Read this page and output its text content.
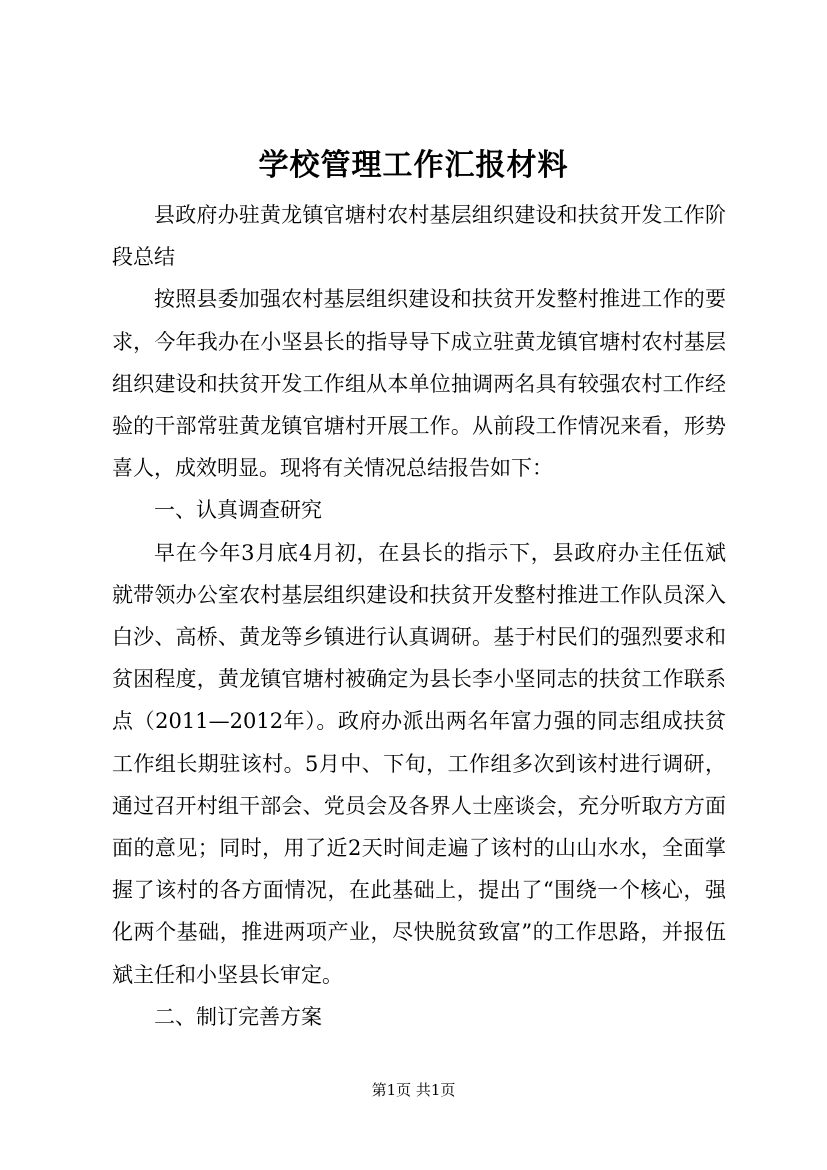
学校管理工作汇报材料

县政府办驻黄龙镇官塘村农村基层组织建设和扶贫开发工作阶段总结

按照县委加强农村基层组织建设和扶贫开发整村推进工作的要求，今年我办在小坚县长的指导导下成立驻黄龙镇官塘村农村基层组织建设和扶贫开发工作组从本单位抽调两名具有较强农村工作经验的干部常驻黄龙镇官塘村开展工作。从前段工作情况来看，形势喜人，成效明显。现将有关情况总结报告如下：

一、认真调查研究

早在今年3月底4月初，在县长的指示下，县政府办主任伍斌就带领办公室农村基层组织建设和扶贫开发整村推进工作队员深入白沙、高桥、黄龙等乡镇进行认真调研。基于村民们的强烈要求和贫困程度，黄龙镇官塘村被确定为县长李小坚同志的扶贫工作联系点（2011—2012年）。政府办派出两名年富力强的同志组成扶贫工作组长期驻该村。5月中、下旬，工作组多次到该村进行调研，通过召开村组干部会、党员会及各界人士座谈会，充分听取方方面面的意见；同时，用了近2天时间走遍了该村的山山水水，全面掌握了该村的各方面情况，在此基础上，提出了“围绕一个核心，强化两个基础，推进两项产业，尽快脱贫致富”的工作思路，并报伍斌主任和小坚县长审定。

二、制订完善方案

第1页 共1页
